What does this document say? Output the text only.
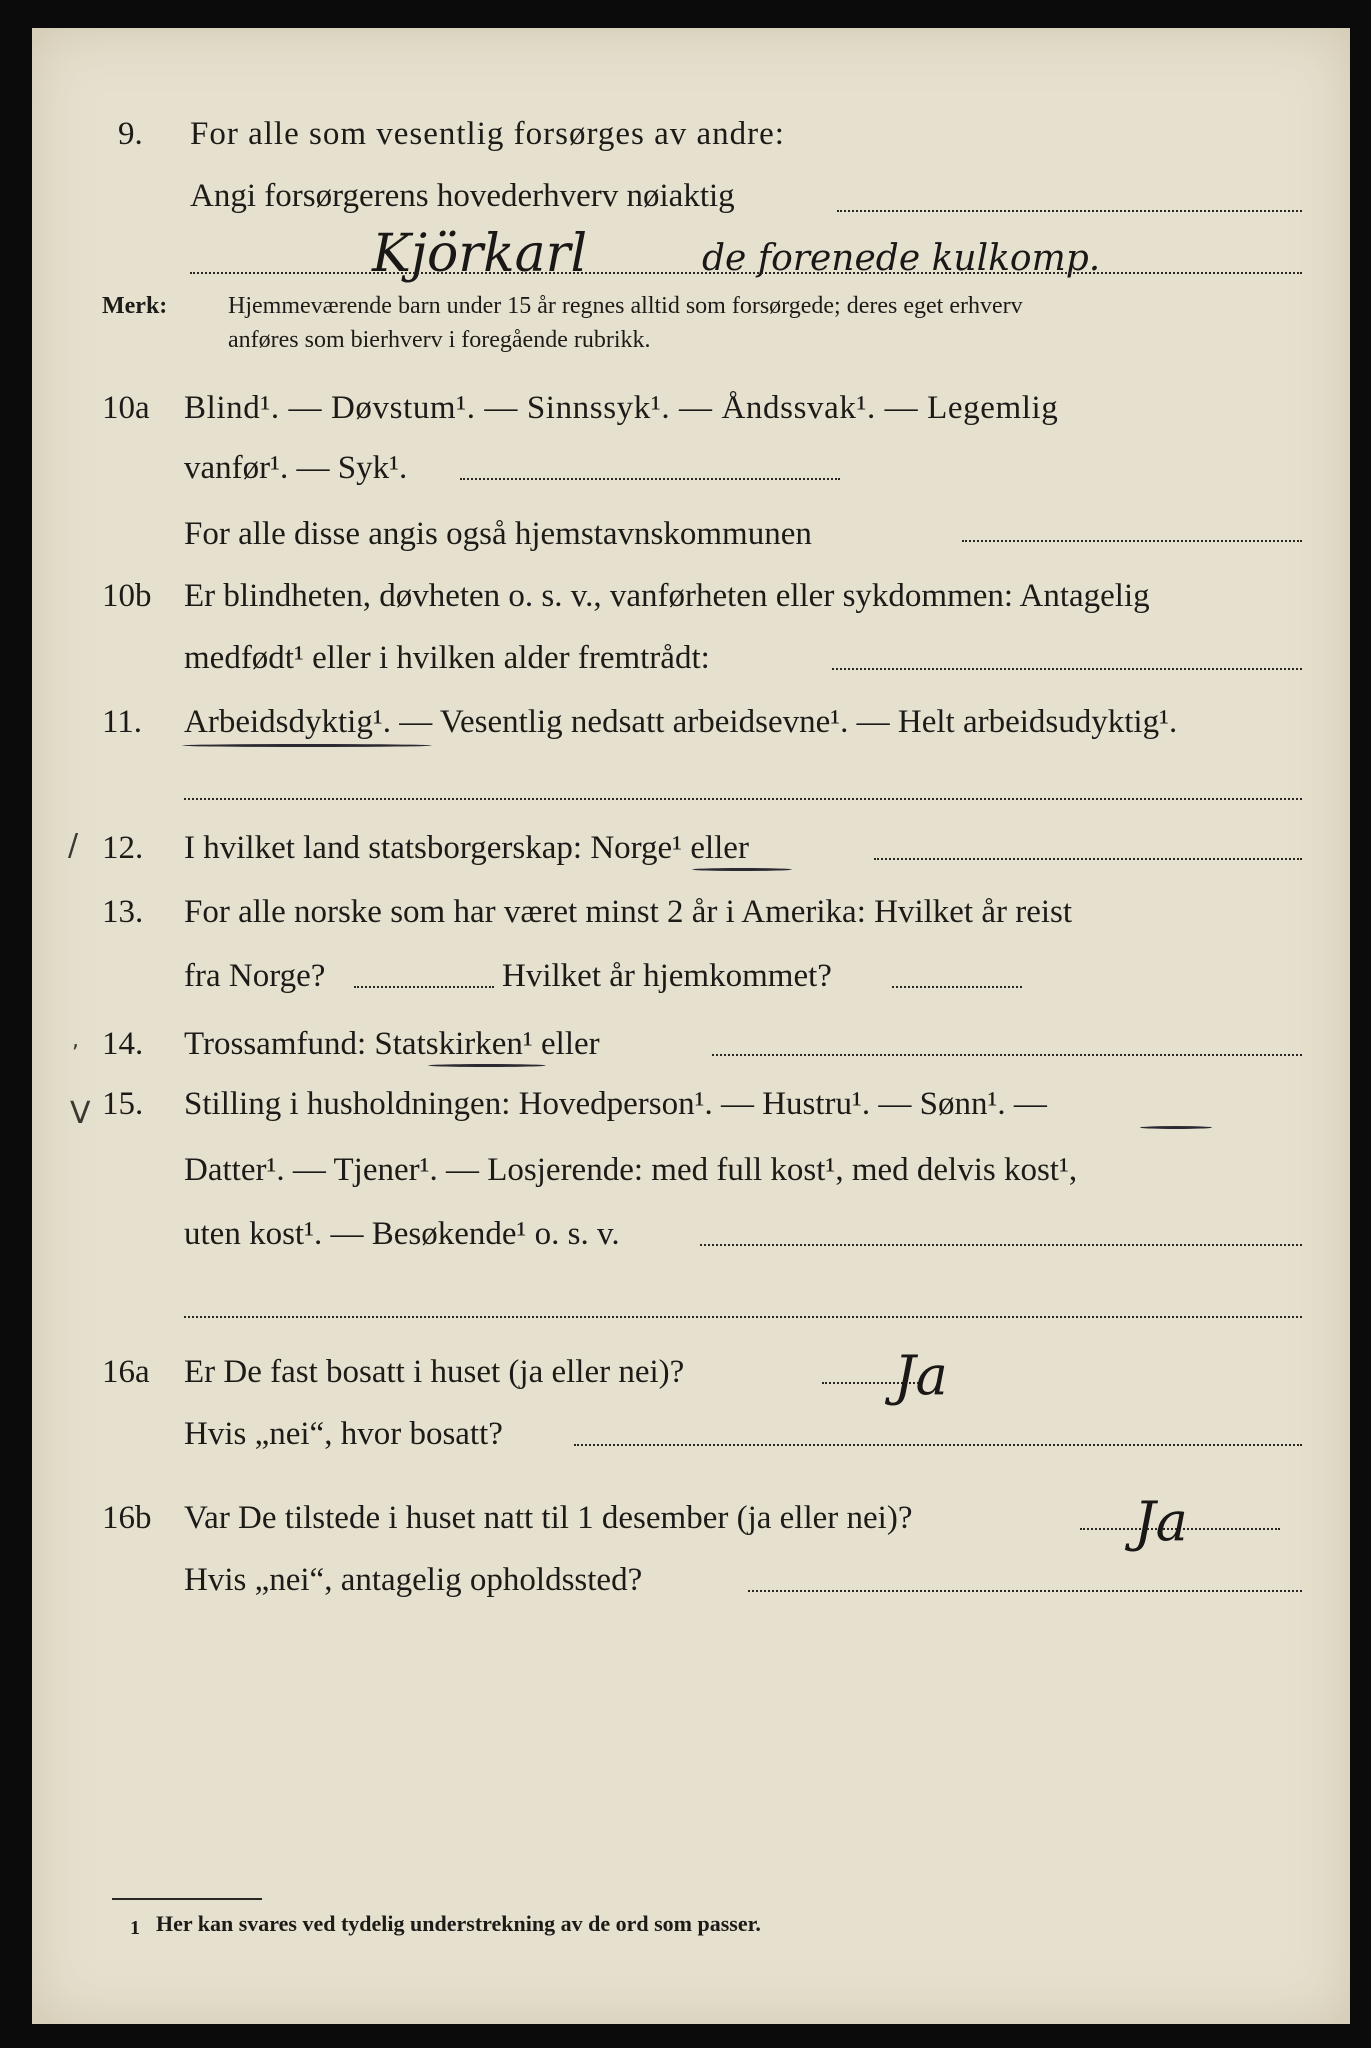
9. For alle som vesentlig forsørges av andre:
Angi forsørgerens hovederhverv nøiaktig
Kjörkarl	de forenede kulkomp.
Merk:	Hjemmeværende barn under 15 år regnes alltid som forsørgede; deres eget erhverv
anføres som bierhverv i foregående rubrikk.
10a Blind¹. — Døvstum¹. — Sinnssyk¹. — Åndssvak¹. — Legemlig
vanfør¹. — Syk¹.
For alle disse angis også hjemstavnskommunen
10b Er blindheten, døvheten o. s. v., vanførheten eller sykdommen: Antagelig
medfødt¹ eller i hvilken alder fremtrådt:
11. Arbeidsdyktig¹. — Vesentlig nedsatt arbeidsevne¹. — Helt arbeidsudyktig¹.
/ 12. I hvilket land statsborgerskap: Norge¹ eller
13. For alle norske som har været minst 2 år i Amerika: Hvilket år reist
fra Norge?	Hvilket år hjemkommet?
, 14. Trossamfund: Statskirken¹ eller
V 15. Stilling i husholdningen: Hovedperson¹. — Hustru¹. — Sønn¹. —
Datter¹. — Tjener¹. — Losjerende: med full kost¹, med delvis kost¹,
uten kost¹. — Besøkende¹ o. s. v.
16a Er De fast bosatt i huset (ja eller nei)?	Ja
Hvis „nei“, hvor bosatt?
16b Var De tilstede i huset natt til 1 desember (ja eller nei)?	Ja
Hvis „nei“, antagelig opholdssted?
1 Her kan svares ved tydelig understrekning av de ord som passer.
